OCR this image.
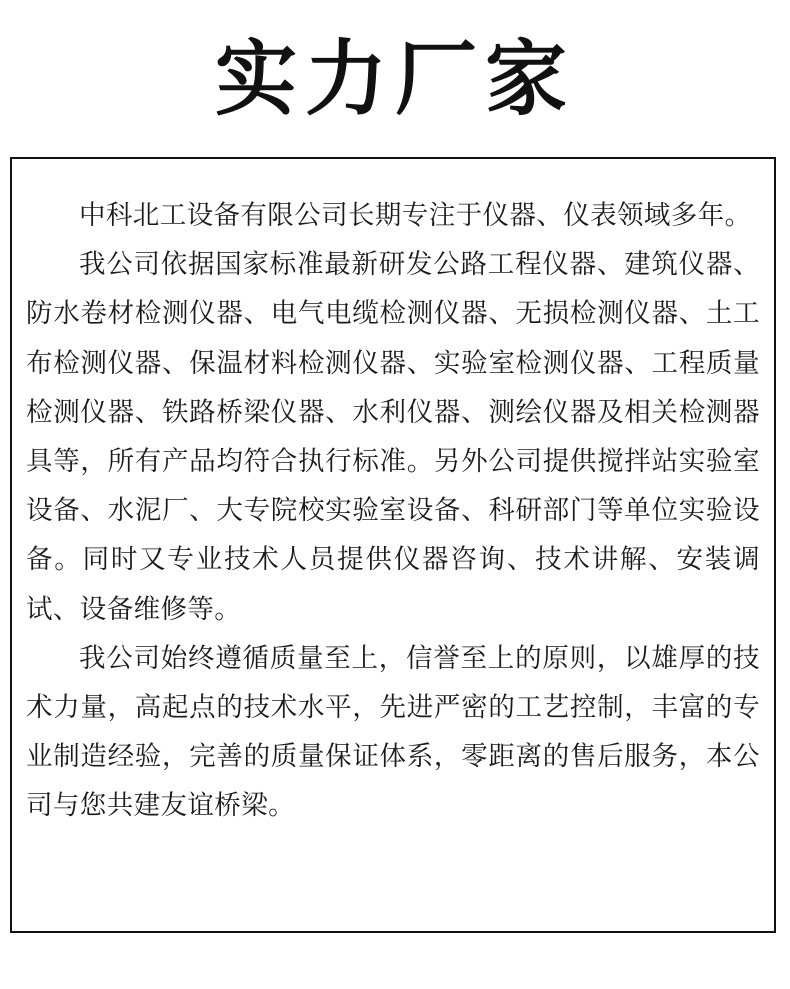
实力厂家

中科北工设备有限公司长期专注于仪器、仪表领域多年。

我公司依据国家标准最新研发公路工程仪器、建筑仪器、防水卷材检测仪器、电气电缆检测仪器、无损检测仪器、土工布检测仪器、保温材料检测仪器、实验室检测仪器、工程质量检测仪器、铁路桥梁仪器、水利仪器、测绘仪器及相关检测器具等，所有产品均符合执行标准。另外公司提供搅拌站实验室设备、水泥厂、大专院校实验室设备、科研部门等单位实验设备。同时又专业技术人员提供仪器咨询、技术讲解、安装调试、设备维修等。

我公司始终遵循质量至上，信誉至上的原则，以雄厚的技术力量，高起点的技术水平，先进严密的工艺控制，丰富的专业制造经验，完善的质量保证体系，零距离的售后服务，本公司与您共建友谊桥梁。
